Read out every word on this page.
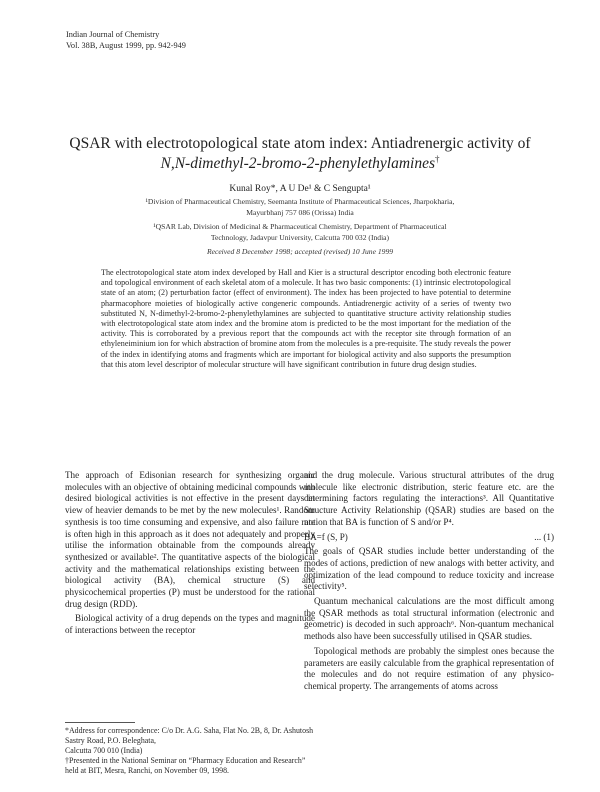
Indian Journal of Chemistry
Vol. 38B, August 1999, pp. 942-949
QSAR with electrotopological state atom index: Antiadrenergic activity of
N,N-dimethyl-2-bromo-2-phenylethylamines†
Kunal Roy*, A U De¹ & C Sengupta¹
¹Division of Pharmaceutical Chemistry, Seemanta Institute of Pharmaceutical Sciences, Jharpokharia, Mayurbhanj 757 086 (Orissa) India
¹QSAR Lab, Division of Medicinal & Pharmaceutical Chemistry, Department of Pharmaceutical Technology, Jadavpur University, Calcutta 700 032 (India)
Received 8 December 1998; accepted (revised) 10 June 1999
The electrotopological state atom index developed by Hall and Kier is a structural descriptor encoding both electronic feature and topological environment of each skeletal atom of a molecule. It has two basic components: (1) intrinsic electrotopological state of an atom; (2) perturbation factor (effect of environment). The index has been projected to have potential to determine pharmacophore moieties of biologically active congeneric compounds. Antiadrenergic activity of a series of twenty two substituted N, N-dimethyl-2-bromo-2-phenylethylamines are subjected to quantitative structure activity relationship studies with electrotopological state atom index and the bromine atom is predicted to be the most important for the mediation of the activity. This is corroborated by a previous report that the compounds act with the receptor site through formation of an ethyleneiminium ion for which abstraction of bromine atom from the molecules is a pre-requisite. The study reveals the power of the index in identifying atoms and fragments which are important for biological activity and also supports the presumption that this atom level descriptor of molecular structure will have significant contribution in future drug design studies.

The approach of Edisonian research for synthesizing organic molecules with an objective of obtaining medicinal compounds with desired biological activities is not effective in the present days in view of heavier demands to be met by the new molecules¹. Random synthesis is too time consuming and expensive, and also failure rate is often high in this approach as it does not adequately and properly utilise the information obtainable from the compounds already synthesized or available². The quantitative aspects of the biological activity and the mathematical relationships existing between the biological activity (BA), chemical structure (S) and physicochemical properties (P) must be understood for the rational drug design (RDD).

Biological activity of a drug depends on the types and magnitude of interactions between the receptor

and the drug molecule. Various structural attributes of the drug molecule like electronic distribution, steric feature etc. are the determining factors regulating the interactions³. All Quantitative Structure Activity Relationship (QSAR) studies are based on the notion that BA is function of S and/or P⁴.

BA=f (S, P)	... (1)

The goals of QSAR studies include better understanding of the modes of actions, prediction of new analogs with better activity, and optimization of the lead compound to reduce toxicity and increase selectivity⁵.

Quantum mechanical calculations are the most difficult among the QSAR methods as total structural information (electronic and geometric) is decoded in such approach⁶. Non-quantum mechanical methods also have been successfully utilised in QSAR studies.

Topological methods are probably the simplest ones because the parameters are easily calculable from the graphical representation of the molecules and do not require estimation of any physico-chemical property. The arrangements of atoms across

*Address for correspondence: C/o Dr. A.G. Saha, Flat No. 2B, 8, Dr. Ashutosh Sastry Road, P.O. Beleghata,
Calcutta 700 010 (India)
†Presented in the National Seminar on “Pharmacy Education and Research” held at BIT, Mesra, Ranchi, on November 09, 1998.
